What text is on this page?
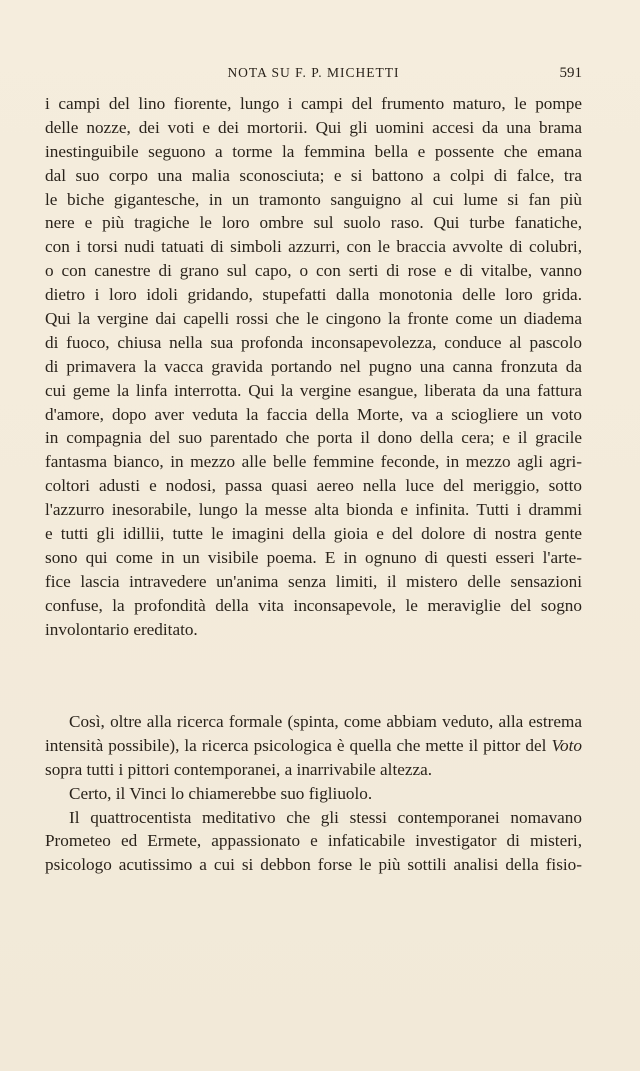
NOTA SU F. P. MICHETTI	591
i campi del lino fiorente, lungo i campi del frumento maturo, le pompe
delle nozze, dei voti e dei mortorii. Qui gli uomini accesi da una brama
inestinguibile seguono a torme la femmina bella e possente che emana
dal suo corpo una malia sconosciuta; e si battono a colpi di falce, tra
le biche gigantesche, in un tramonto sanguigno al cui lume si fan più
nere e più tragiche le loro ombre sul suolo raso. Qui turbe fanatiche,
con i torsi nudi tatuati di simboli azzurri, con le braccia avvolte di colubri,
o con canestre di grano sul capo, o con serti di rose e di vitalbe, vanno
dietro i loro idoli gridando, stupefatti dalla monotonia delle loro grida.
Qui la vergine dai capelli rossi che le cingono la fronte come un diadema
di fuoco, chiusa nella sua profonda inconsapevolezza, conduce al pascolo
di primavera la vacca gravida portando nel pugno una canna fronzuta da
cui geme la linfa interrotta. Qui la vergine esangue, liberata da una fattura
d'amore, dopo aver veduta la faccia della Morte, va a sciogliere un voto
in compagnia del suo parentado che porta il dono della cera; e il gracile
fantasma bianco, in mezzo alle belle femmine feconde, in mezzo agli agri-
coltori adusti e nodosi, passa quasi aereo nella luce del meriggio, sotto
l'azzurro inesorabile, lungo la messe alta bionda e infinita. Tutti i drammi
e tutti gli idillii, tutte le imagini della gioia e del dolore di nostra gente
sono qui come in un visibile poema. E in ognuno di questi esseri l'arte-
fice lascia intravedere un'anima senza limiti, il mistero delle sensazioni
confuse, la profondità della vita inconsapevole, le meraviglie del sogno
involontario ereditato.
Così, oltre alla ricerca formale (spinta, come abbiam veduto, alla estrema
intensità possibile), la ricerca psicologica è quella che mette il pittor del Voto
sopra tutti i pittori contemporanei, a inarrivabile altezza.
Certo, il Vinci lo chiamerebbe suo figliuolo.
Il quattrocentista meditativo che gli stessi contemporanei nomavano
Prometeo ed Ermete, appassionato e infaticabile investigator di misteri,
psicologo acutissimo a cui si debbon forse le più sottili analisi della fisio-
